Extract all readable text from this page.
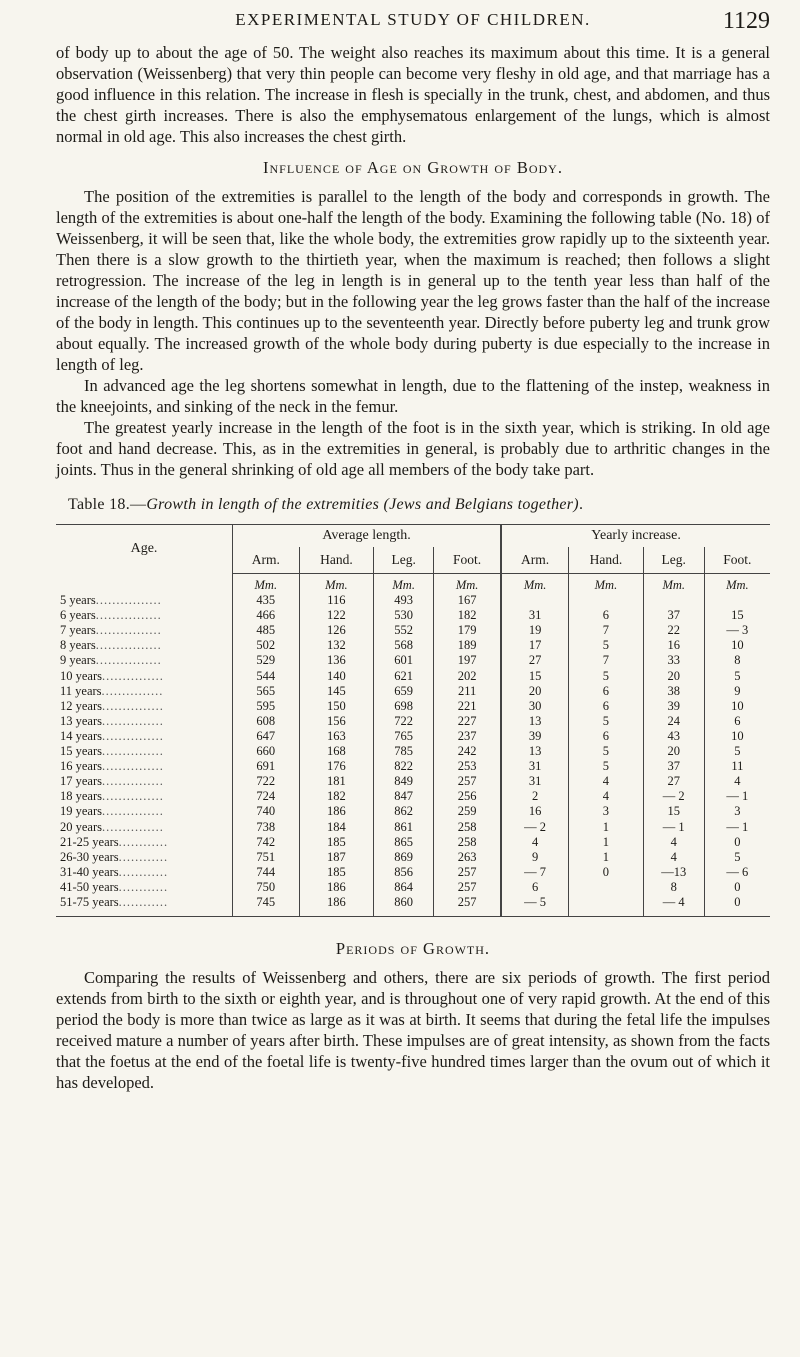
EXPERIMENTAL STUDY OF CHILDREN.	1129

of body up to about the age of 50. The weight also reaches its maximum about this time. It is a general observation (Weissenberg) that very thin people can become very fleshy in old age, and that marriage has a good influence in this relation. The increase in flesh is specially in the trunk, chest, and abdomen, and thus the chest girth increases. There is also the emphysematous enlargement of the lungs, which is almost normal in old age. This also increases the chest girth.

Influence of Age on Growth of Body.

The position of the extremities is parallel to the length of the body and corresponds in growth. The length of the extremities is about one-half the length of the body. Examining the following table (No. 18) of Weissenberg, it will be seen that, like the whole body, the extremities grow rapidly up to the sixteenth year. Then there is a slow growth to the thirtieth year, when the maximum is reached; then follows a slight retrogression. The increase of the leg in length is in general up to the tenth year less than half of the increase of the length of the body; but in the following year the leg grows faster than the half of the increase of the body in length. This continues up to the seventeenth year. Directly before puberty leg and trunk grow about equally. The increased growth of the whole body during puberty is due especially to the increase in length of leg.

In advanced age the leg shortens somewhat in length, due to the flattening of the instep, weakness in the kneejoints, and sinking of the neck in the femur.

The greatest yearly increase in the length of the foot is in the sixth year, which is striking. In old age foot and hand decrease. This, as in the extremities in general, is probably due to arthritic changes in the joints. Thus in the general shrinking of old age all members of the body take part.

Table 18.—Growth in length of the extremities (Jews and Belgians together).
Age.	Average length.				Yearly increase.			
	Arm.	Hand.	Leg.	Foot.	Arm.	Hand.	Leg.	Foot.
	Mm.	Mm.	Mm.	Mm.	Mm.	Mm.	Mm.	Mm.
5 years................	435	116	493	167				
6 years................	466	122	530	182	31	6	37	15
7 years................	485	126	552	179	19	7	22	— 3
8 years................	502	132	568	189	17	5	16	10
9 years................	529	136	601	197	27	7	33	8
10 years...............	544	140	621	202	15	5	20	5
11 years...............	565	145	659	211	20	6	38	9
12 years...............	595	150	698	221	30	6	39	10
13 years...............	608	156	722	227	13	5	24	6
14 years...............	647	163	765	237	39	6	43	10
15 years...............	660	168	785	242	13	5	20	5
16 years...............	691	176	822	253	31	5	37	11
17 years...............	722	181	849	257	31	4	27	4
18 years...............	724	182	847	256	2	4	— 2	— 1
19 years...............	740	186	862	259	16	3	15	3
20 years...............	738	184	861	258	— 2	1	— 1	— 1
21-25 years............	742	185	865	258	4	1	4	0
26-30 years............	751	187	869	263	9	1	4	5
31-40 years............	744	185	856	257	— 7	0	—13	— 6
41-50 years............	750	186	864	257	6		8	0
51-75 years............	745	186	860	257	— 5		— 4	0
Periods of Growth.

Comparing the results of Weissenberg and others, there are six periods of growth. The first period extends from birth to the sixth or eighth year, and is throughout one of very rapid growth. At the end of this period the body is more than twice as large as it was at birth. It seems that during the fetal life the impulses received mature a number of years after birth. These impulses are of great intensity, as shown from the facts that the foetus at the end of the foetal life is twenty-five hundred times larger than the ovum out of which it has developed.
